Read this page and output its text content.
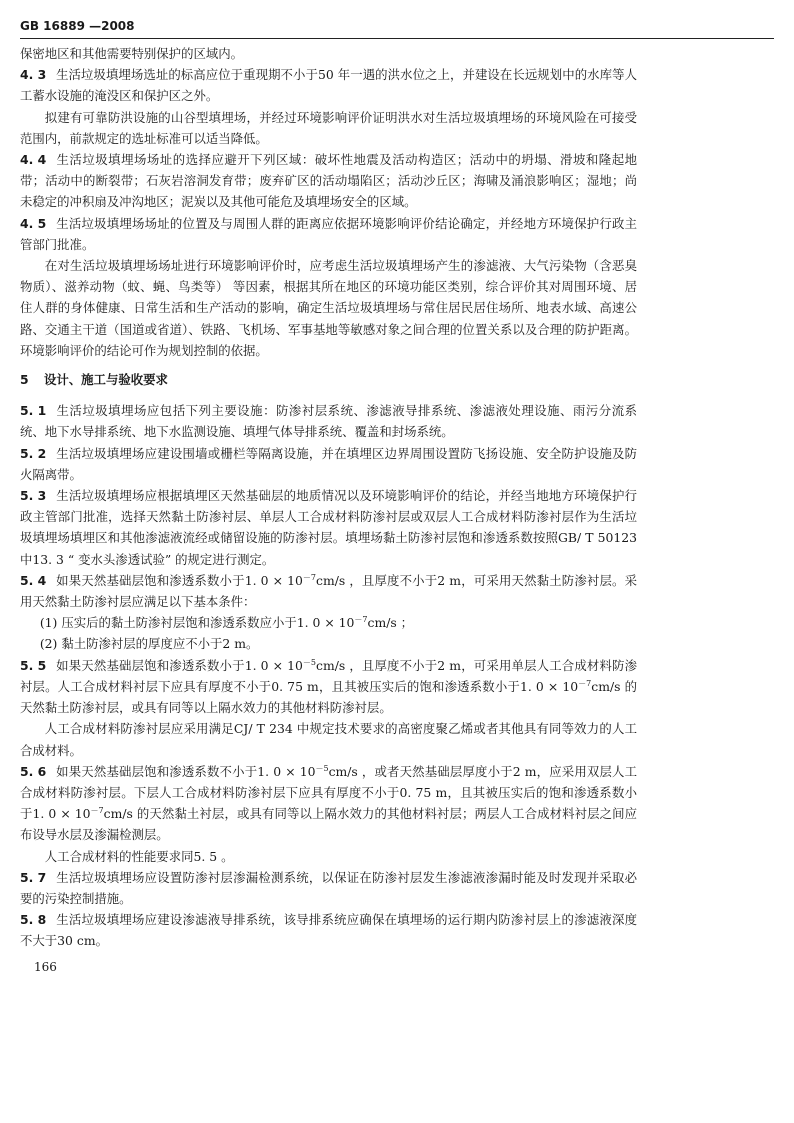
GB 16889 —2008

保密地区和其他需要特别保护的区域内。

4. 3 生活垃圾填埋场选址的标高应位于重现期不小于50 年一遇的洪水位之上，并建设在长远规划中的水库等人工蓄水设施的淹没区和保护区之外。

拟建有可靠防洪设施的山谷型填埋场，并经过环境影响评价证明洪水对生活垃圾填埋场的环境风险在可接受范围内，前款规定的选址标准可以适当降低。

4. 4 生活垃圾填埋场场址的选择应避开下列区域：破坏性地震及活动构造区；活动中的坍塌、滑坡和隆起地带；活动中的断裂带；石灰岩溶洞发育带；废弃矿区的活动塌陷区；活动沙丘区；海啸及涌浪影响区；湿地；尚未稳定的冲积扇及冲沟地区；泥炭以及其他可能危及填埋场安全的区域。

4. 5 生活垃圾填埋场场址的位置及与周围人群的距离应依据环境影响评价结论确定，并经地方环境保护行政主管部门批准。

在对生活垃圾填埋场场址进行环境影响评价时，应考虑生活垃圾填埋场产生的渗滤液、大气污染物（含恶臭物质）、滋养动物（蚊、蝇、鸟类等） 等因素，根据其所在地区的环境功能区类别，综合评价其对周围环境、居住人群的身体健康、日常生活和生产活动的影响，确定生活垃圾填埋场与常住居民居住场所、地表水域、高速公路、交通主干道（国道或省道）、铁路、飞机场、军事基地等敏感对象之间合理的位置关系以及合理的防护距离。环境影响评价的结论可作为规划控制的依据。

5 设计、施工与验收要求

5. 1 生活垃圾填埋场应包括下列主要设施：防渗衬层系统、渗滤液导排系统、渗滤液处理设施、雨污分流系统、地下水导排系统、地下水监测设施、填埋气体导排系统、覆盖和封场系统。

5. 2 生活垃圾填埋场应建设围墙或栅栏等隔离设施，并在填埋区边界周围设置防飞扬设施、安全防护设施及防火隔离带。

5. 3 生活垃圾填埋场应根据填埋区天然基础层的地质情况以及环境影响评价的结论，并经当地地方环境保护行政主管部门批准，选择天然黏土防渗衬层、单层人工合成材料防渗衬层或双层人工合成材料防渗衬层作为生活垃圾填埋场填埋区和其他渗滤液流经或储留设施的防渗衬层。填埋场黏土防渗衬层饱和渗透系数按照GB/ T 50123 中13. 3 “ 变水头渗透试验” 的规定进行测定。

5. 4 如果天然基础层饱和渗透系数小于1. $0 \times 10^{-7}cm/s$ ，且厚度不小于2 m，可采用天然黏土防渗衬层。采用天然黏土防渗衬层应满足以下基本条件：

(1) 压实后的黏土防渗衬层饱和渗透系数应小于1. $0 \times 10^{-7}cm/s$ ；

(2) 黏土防渗衬层的厚度应不小于2 m。

5. 5 如果天然基础层饱和渗透系数小于1. $0 \times 10^{-5}cm/s$ ，且厚度不小于2 m，可采用单层人工合成材料防渗衬层。人工合成材料衬层下应具有厚度不小于0. 75 m，且其被压实后的饱和渗透系数小于1. $0 \times 10^{-7}cm/s$ 的天然黏土防渗衬层，或具有同等以上隔水效力的其他材料防渗衬层。

人工合成材料防渗衬层应采用满足CJ/ T 234 中规定技术要求的高密度聚乙烯或者其他具有同等效力的人工合成材料。

5. 6 如果天然基础层饱和渗透系数不小于1. $0 \times 10^{-5}cm/s$ ，或者天然基础层厚度小于2 m，应采用双层人工合成材料防渗衬层。下层人工合成材料防渗衬层下应具有厚度不小于0. 75 m，且其被压实后的饱和渗透系数小于1. $0 \times 10^{-7}cm/s$ 的天然黏土衬层，或具有同等以上隔水效力的其他材料衬层；两层人工合成材料衬层之间应布设导水层及渗漏检测层。

人工合成材料的性能要求同5. 5 。

5. 7 生活垃圾填埋场应设置防渗衬层渗漏检测系统，以保证在防渗衬层发生渗滤液渗漏时能及时发现并采取必要的污染控制措施。

5. 8 生活垃圾填埋场应建设渗滤液导排系统，该导排系统应确保在填埋场的运行期内防渗衬层上的渗滤液深度不大于30 cm。

166
